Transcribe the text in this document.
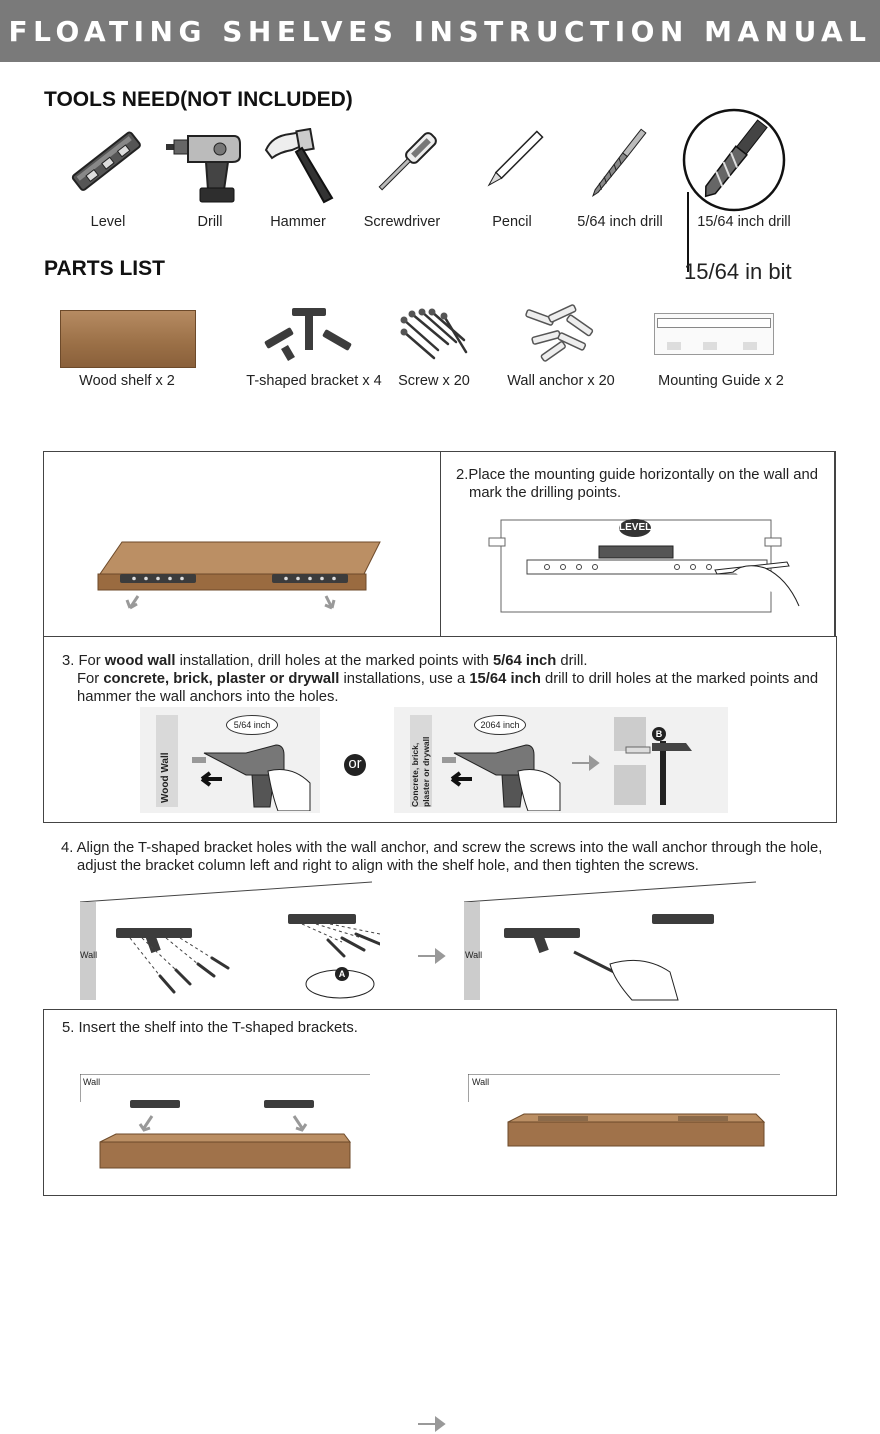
FLOATING SHELVES INSTRUCTION MANUAL
TOOLS NEED(NOT INCLUDED)
Level	Drill	Hammer	Screwdriver	Pencil	5/64 inch drill 15/64 inch drill
15/64 in bit
PARTS LIST
Wood shelf x 2	T-shaped bracket x 4 Screw x 20	Wall anchor x 20	Mounting Guide x 2
2.Place the mounting guide horizontally on the wall and
mark the drilling points.
LEVEL
3. For wood wall installation, drill holes at the marked points with 5/64 inch drill.
For concrete, brick, plaster or drywall installations, use a 15/64 inch drill to drill holes at the marked points and
hammer the wall anchors into the holes.
Wood Wall
5/64 inch
or	Concrete, brick, plaster or drywall
2064 inch
B
4. Align the T-shaped bracket holes with the wall anchor, and screw the screws into the wall anchor through the hole,
adjust the bracket column left and right to align with the shelf hole, and then tighten the screws.
Wall
A
Wall
5. Insert the shelf into the T-shaped brackets.
Wall	Wall
